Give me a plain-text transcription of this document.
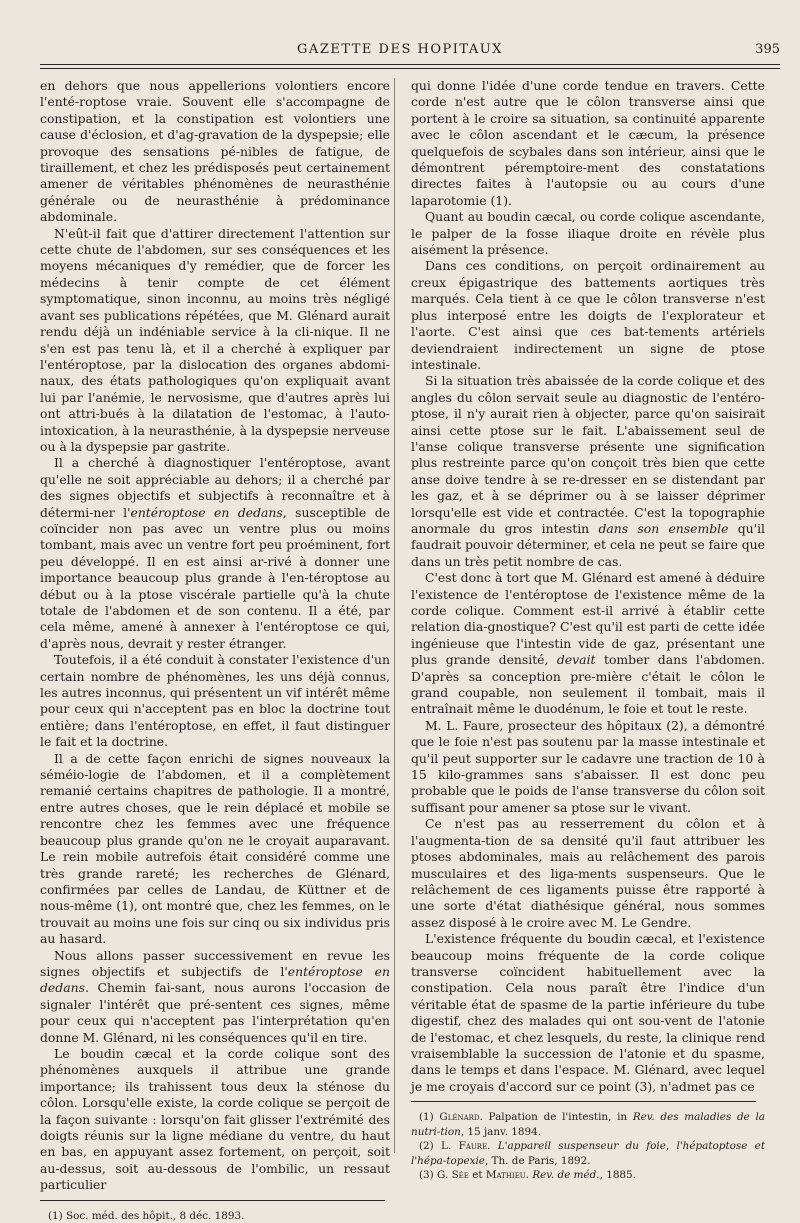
GAZETTE DES HOPITAUX	395

en dehors que nous appellerions volontiers encore l'enté-roptose vraie. Souvent elle s'accompagne de constipation, et la constipation est volontiers une cause d'éclosion, et d'ag-gravation de la dyspepsie; elle provoque des sensations pé-nibles de fatigue, de tiraillement, et chez les prédisposés peut certainement amener de véritables phénomènes de neurasthénie générale ou de neurasthénie à prédominance abdominale.

N'eût-il fait que d'attirer directement l'attention sur cette chute de l'abdomen, sur ses conséquences et les moyens mécaniques d'y remédier, que de forcer les médecins à tenir compte de cet élément symptomatique, sinon inconnu, au moins très négligé avant ses publications répétées, que M. Glénard aurait rendu déjà un indéniable service à la cli-nique. Il ne s'en est pas tenu là, et il a cherché à expliquer par l'entéroptose, par la dislocation des organes abdomi-naux, des états pathologiques qu'on expliquait avant lui par l'anémie, le nervosisme, que d'autres après lui ont attri-bués à la dilatation de l'estomac, à l'auto-intoxication, à la neurasthénie, à la dyspepsie nerveuse ou à la dyspepsie par gastrite.

Il a cherché à diagnostiquer l'entéroptose, avant qu'elle ne soit appréciable au dehors; il a cherché par des signes objectifs et subjectifs à reconnaître et à détermi-ner l'entéroptose en dedans, susceptible de coïncider non pas avec un ventre plus ou moins tombant, mais avec un ventre fort peu proéminent, fort peu développé. Il en est ainsi ar-rivé à donner une importance beaucoup plus grande à l'en-téroptose au début ou à la ptose viscérale partielle qu'à la chute totale de l'abdomen et de son contenu. Il a été, par cela même, amené à annexer à l'entéroptose ce qui, d'après nous, devrait y rester étranger.

Toutefois, il a été conduit à constater l'existence d'un certain nombre de phénomènes, les uns déjà connus, les autres inconnus, qui présentent un vif intérêt même pour ceux qui n'acceptent pas en bloc la doctrine tout entière; dans l'entéroptose, en effet, il faut distinguer le fait et la doctrine.

Il a de cette façon enrichi de signes nouveaux la séméio-logie de l'abdomen, et il a complètement remanié certains chapitres de pathologie. Il a montré, entre autres choses, que le rein déplacé et mobile se rencontre chez les femmes avec une fréquence beaucoup plus grande qu'on ne le croyait auparavant. Le rein mobile autrefois était considéré comme une très grande rareté; les recherches de Glénard, confirmées par celles de Landau, de Küttner et de nous-même (1), ont montré que, chez les femmes, on le trouvait au moins une fois sur cinq ou six individus pris au hasard.

Nous allons passer successivement en revue les signes objectifs et subjectifs de l'entéroptose en dedans. Chemin fai-sant, nous aurons l'occasion de signaler l'intérêt que pré-sentent ces signes, même pour ceux qui n'acceptent pas l'interprétation qu'en donne M. Glénard, ni les conséquences qu'il en tire.

Le boudin cæcal et la corde colique sont des phénomènes auxquels il attribue une grande importance; ils trahissent tous deux la sténose du côlon. Lorsqu'elle existe, la corde colique se perçoit de la façon suivante : lorsqu'on fait glisser l'extrémité des doigts réunis sur la ligne médiane du ventre, du haut en bas, en appuyant assez fortement, on perçoit, soit au-dessus, soit au-dessous de l'ombilic, un ressaut particulier

(1) Soc. méd. des hôpit., 8 déc. 1893.

qui donne l'idée d'une corde tendue en travers. Cette corde n'est autre que le côlon transverse ainsi que portent à le croire sa situation, sa continuité apparente avec le côlon ascendant et le cæcum, la présence quelquefois de scybales dans son intérieur, ainsi que le démontrent péremptoire-ment des constatations directes faites à l'autopsie ou au cours d'une laparotomie (1).

Quant au boudin cæcal, ou corde colique ascendante, le palper de la fosse iliaque droite en révèle plus aisément la présence.

Dans ces conditions, on perçoit ordinairement au creux épigastrique des battements aortiques très marqués. Cela tient à ce que le côlon transverse n'est plus interposé entre les doigts de l'explorateur et l'aorte. C'est ainsi que ces bat-tements artériels deviendraient indirectement un signe de ptose intestinale.

Si la situation très abaissée de la corde colique et des angles du côlon servait seule au diagnostic de l'entéro-ptose, il n'y aurait rien à objecter, parce qu'on saisirait ainsi cette ptose sur le fait. L'abaissement seul de l'anse colique transverse présente une signification plus restreinte parce qu'on conçoit très bien que cette anse doive tendre à se re-dresser en se distendant par les gaz, et à se déprimer ou à se laisser déprimer lorsqu'elle est vide et contractée. C'est la topographie anormale du gros intestin dans son ensemble qu'il faudrait pouvoir déterminer, et cela ne peut se faire que dans un très petit nombre de cas.

C'est donc à tort que M. Glénard est amené à déduire l'existence de l'entéroptose de l'existence même de la corde colique. Comment est-il arrivé à établir cette relation dia-gnostique? C'est qu'il est parti de cette idée ingénieuse que l'intestin vide de gaz, présentant une plus grande densité, devait tomber dans l'abdomen. D'après sa conception pre-mière c'était le côlon le grand coupable, non seulement il tombait, mais il entraînait même le duodénum, le foie et tout le reste.

M. L. Faure, prosecteur des hôpitaux (2), a démontré que le foie n'est pas soutenu par la masse intestinale et qu'il peut supporter sur le cadavre une traction de 10 à 15 kilo-grammes sans s'abaisser. Il est donc peu probable que le poids de l'anse transverse du côlon soit suffisant pour amener sa ptose sur le vivant.

Ce n'est pas au resserrement du côlon et à l'augmenta-tion de sa densité qu'il faut attribuer les ptoses abdominales, mais au relâchement des parois musculaires et des liga-ments suspenseurs. Que le relâchement de ces ligaments puisse être rapporté à une sorte d'état diathésique général, nous sommes assez disposé à le croire avec M. Le Gendre.

L'existence fréquente du boudin cæcal, et l'existence beaucoup moins fréquente de la corde colique transverse coïncident habituellement avec la constipation. Cela nous paraît être l'indice d'un véritable état de spasme de la partie inférieure du tube digestif, chez des malades qui ont sou-vent de l'atonie de l'estomac, et chez lesquels, du reste, la clinique rend vraisemblable la succession de l'atonie et du spasme, dans le temps et dans l'espace. M. Glénard, avec lequel je me croyais d'accord sur ce point (3), n'admet pas ce

(1) Glénard. Palpation de l'intestin, in Rev. des maladies de la nutri-tion, 15 janv. 1894.

(2) L. Faure. L'appareil suspenseur du foie, l'hépatoptose et l'hépa-topexie, Th. de Paris, 1892.

(3) G. Sée et Mathieu. Rev. de méd., 1885.
